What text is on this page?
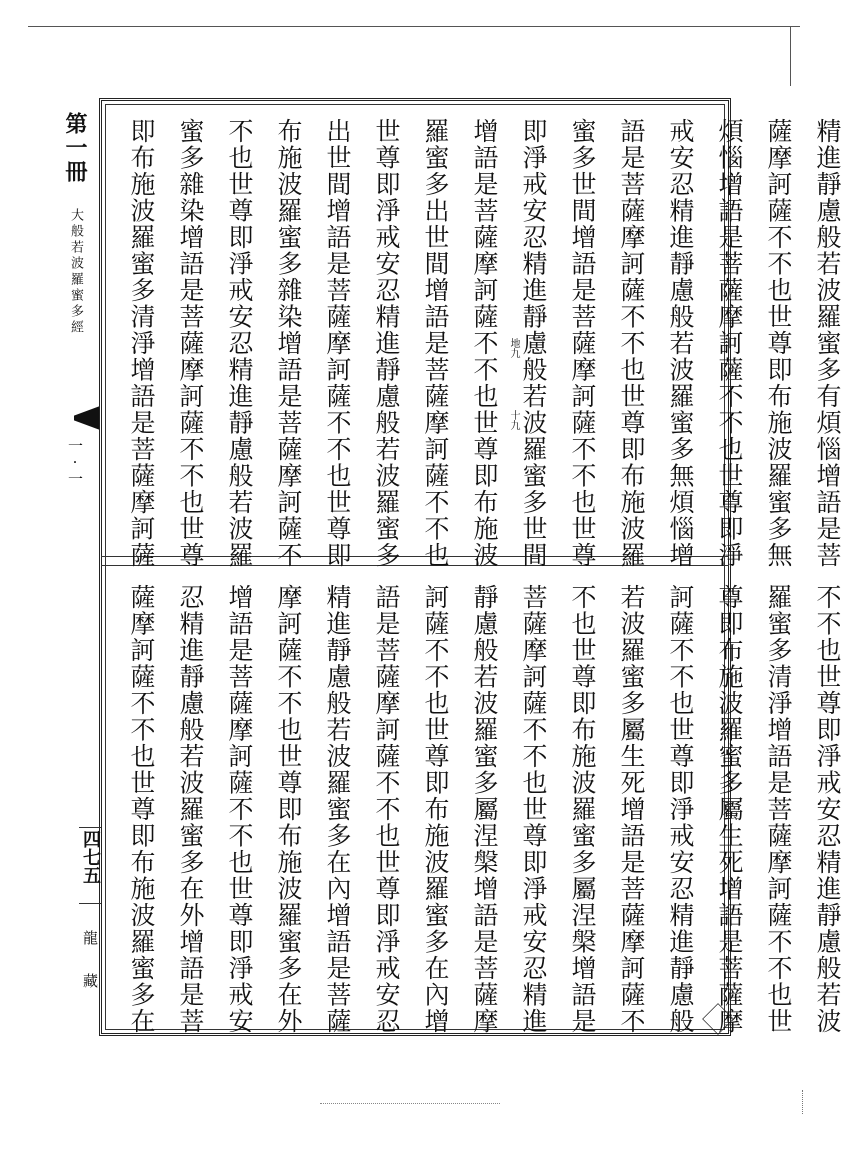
第一冊
大般若波羅蜜多經
一·一
四七五
龍藏
精進靜慮般若波羅蜜多有煩惱增語是菩
薩摩訶薩不不也世尊即布施波羅蜜多無
煩惱增語是菩薩摩訶薩不不也世尊即淨
戒安忍精進靜慮般若波羅蜜多無煩惱增
語是菩薩摩訶薩不不也世尊即布施波羅
蜜多世間增語是菩薩摩訶薩不不也世尊
即淨戒安忍精進靜慮般若波羅蜜多世間
增語是菩薩摩訶薩不不也世尊即布施波
羅蜜多出世間增語是菩薩摩訶薩不不也
世尊即淨戒安忍精進靜慮般若波羅蜜多
出世間增語是菩薩摩訶薩不不也世尊即
布施波羅蜜多雜染增語是菩薩摩訶薩不
不也世尊即淨戒安忍精進靜慮般若波羅
蜜多雜染增語是菩薩摩訶薩不不也世尊
即布施波羅蜜多清淨增語是菩薩摩訶薩	地九
十九
不不也世尊即淨戒安忍精進靜慮般若波
羅蜜多清淨增語是菩薩摩訶薩不不也世
尊即布施波羅蜜多屬生死增語是菩薩摩
訶薩不不也世尊即淨戒安忍精進靜慮般
若波羅蜜多屬生死增語是菩薩摩訶薩不
不也世尊即布施波羅蜜多屬涅槃增語是
菩薩摩訶薩不不也世尊即淨戒安忍精進
靜慮般若波羅蜜多屬涅槃增語是菩薩摩
訶薩不不也世尊即布施波羅蜜多在內增
語是菩薩摩訶薩不不也世尊即淨戒安忍
精進靜慮般若波羅蜜多在內增語是菩薩
摩訶薩不不也世尊即布施波羅蜜多在外
增語是菩薩摩訶薩不不也世尊即淨戒安
忍精進靜慮般若波羅蜜多在外增語是菩
薩摩訶薩不不也世尊即布施波羅蜜多在
